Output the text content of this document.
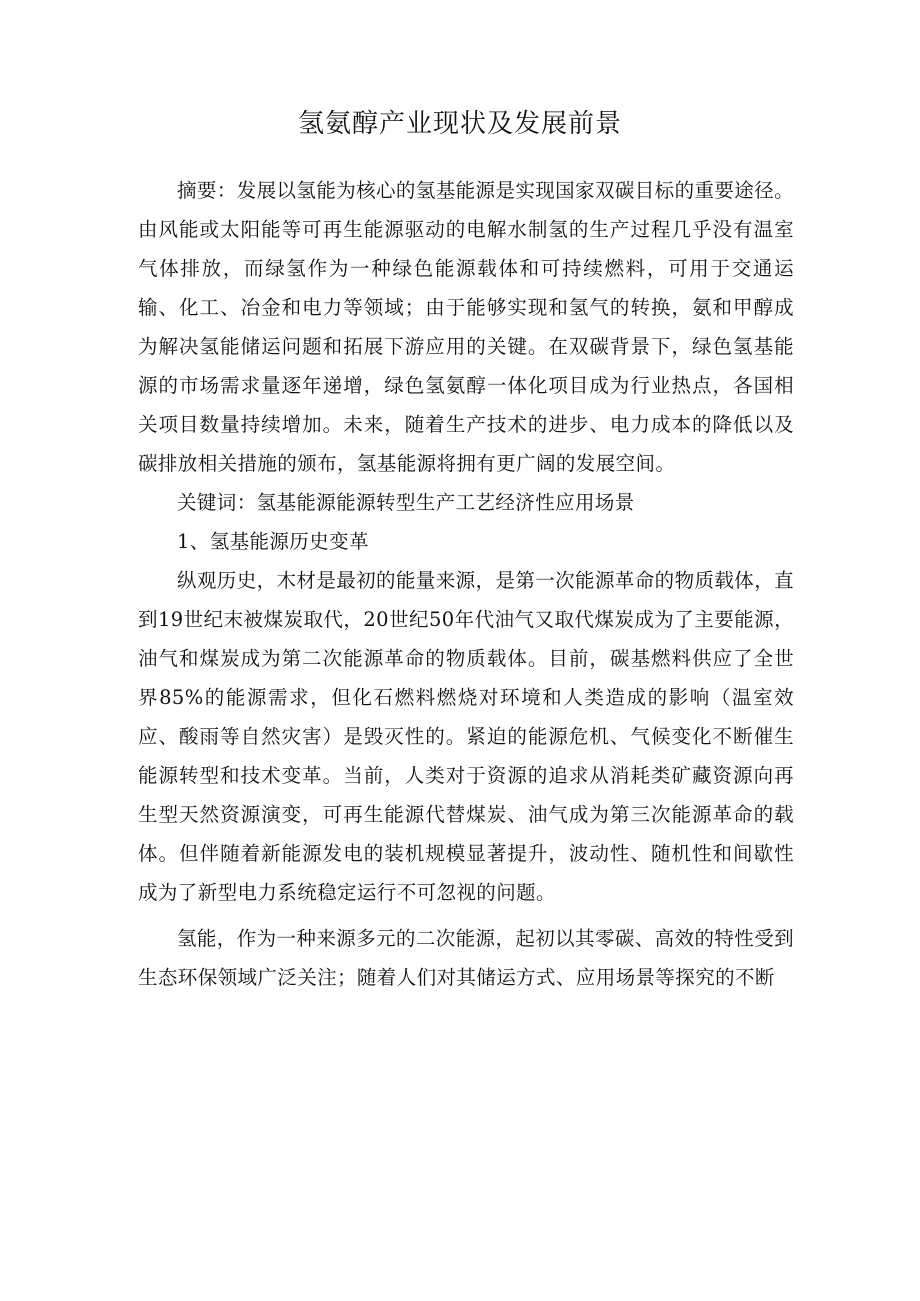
氢氨醇产业现状及发展前景

摘要：发展以氢能为核心的氢基能源是实现国家双碳目标的重要途径。由风能或太阳能等可再生能源驱动的电解水制氢的生产过程几乎没有温室气体排放，而绿氢作为一种绿色能源载体和可持续燃料，可用于交通运输、化工、冶金和电力等领域；由于能够实现和氢气的转换，氨和甲醇成为解决氢能储运问题和拓展下游应用的关键。在双碳背景下，绿色氢基能源的市场需求量逐年递增，绿色氢氨醇一体化项目成为行业热点，各国相关项目数量持续增加。未来，随着生产技术的进步、电力成本的降低以及碳排放相关措施的颁布，氢基能源将拥有更广阔的发展空间。

关键词：氢基能源能源转型生产工艺经济性应用场景

1、氢基能源历史变革

纵观历史，木材是最初的能量来源，是第一次能源革命的物质载体，直到19世纪末被煤炭取代，20世纪50年代油气又取代煤炭成为了主要能源，油气和煤炭成为第二次能源革命的物质载体。目前，碳基燃料供应了全世界85%的能源需求，但化石燃料燃烧对环境和人类造成的影响（温室效应、酸雨等自然灾害）是毁灭性的。紧迫的能源危机、气候变化不断催生能源转型和技术变革。当前，人类对于资源的追求从消耗类矿藏资源向再生型天然资源演变，可再生能源代替煤炭、油气成为第三次能源革命的载体。但伴随着新能源发电的装机规模显著提升，波动性、随机性和间歇性成为了新型电力系统稳定运行不可忽视的问题。

氢能，作为一种来源多元的二次能源，起初以其零碳、高效的特性受到生态环保领域广泛关注；随着人们对其储运方式、应用场景等探究的不断
